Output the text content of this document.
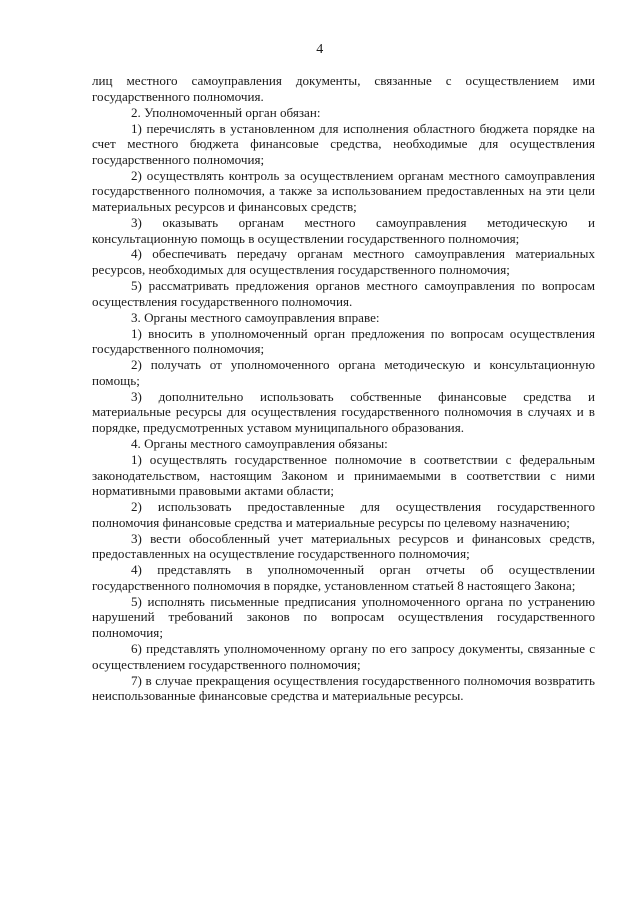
4

лиц местного самоуправления документы, связанные с осуществлением ими государственного полномочия.

2. Уполномоченный орган обязан:

1) перечислять в установленном для исполнения областного бюджета порядке на счет местного бюджета финансовые средства, необходимые для осуществления государственного полномочия;

2) осуществлять контроль за осуществлением органам местного самоуправления государственного полномочия, а также за использованием предоставленных на эти цели материальных ресурсов и финансовых средств;

3) оказывать органам местного самоуправления методическую и консультационную помощь в осуществлении государственного полномочия;

4) обеспечивать передачу органам местного самоуправления материальных ресурсов, необходимых для осуществления государственного полномочия;

5) рассматривать предложения органов местного самоуправления по вопросам осуществления государственного полномочия.

3. Органы местного самоуправления вправе:

1) вносить в уполномоченный орган предложения по вопросам осуществления государственного полномочия;

2) получать от уполномоченного органа методическую и консультационную помощь;

3) дополнительно использовать собственные финансовые средства и материальные ресурсы для осуществления государственного полномочия в случаях и в порядке, предусмотренных уставом муниципального образования.

4. Органы местного самоуправления обязаны:

1) осуществлять государственное полномочие в соответствии с федеральным законодательством, настоящим Законом и принимаемыми в соответствии с ними нормативными правовыми актами области;

2) использовать предоставленные для осуществления государственного полномочия финансовые средства и материальные ресурсы по целевому назначению;

3) вести обособленный учет материальных ресурсов и финансовых средств, предоставленных на осуществление государственного полномочия;

4) представлять в уполномоченный орган отчеты об осуществлении государственного полномочия в порядке, установленном статьей 8 настоящего Закона;

5) исполнять письменные предписания уполномоченного органа по устранению нарушений требований законов по вопросам осуществления государственного полномочия;

6) представлять уполномоченному органу по его запросу документы, связанные с осуществлением государственного полномочия;

7) в случае прекращения осуществления государственного полномочия возвратить неиспользованные финансовые средства и материальные ресурсы.
